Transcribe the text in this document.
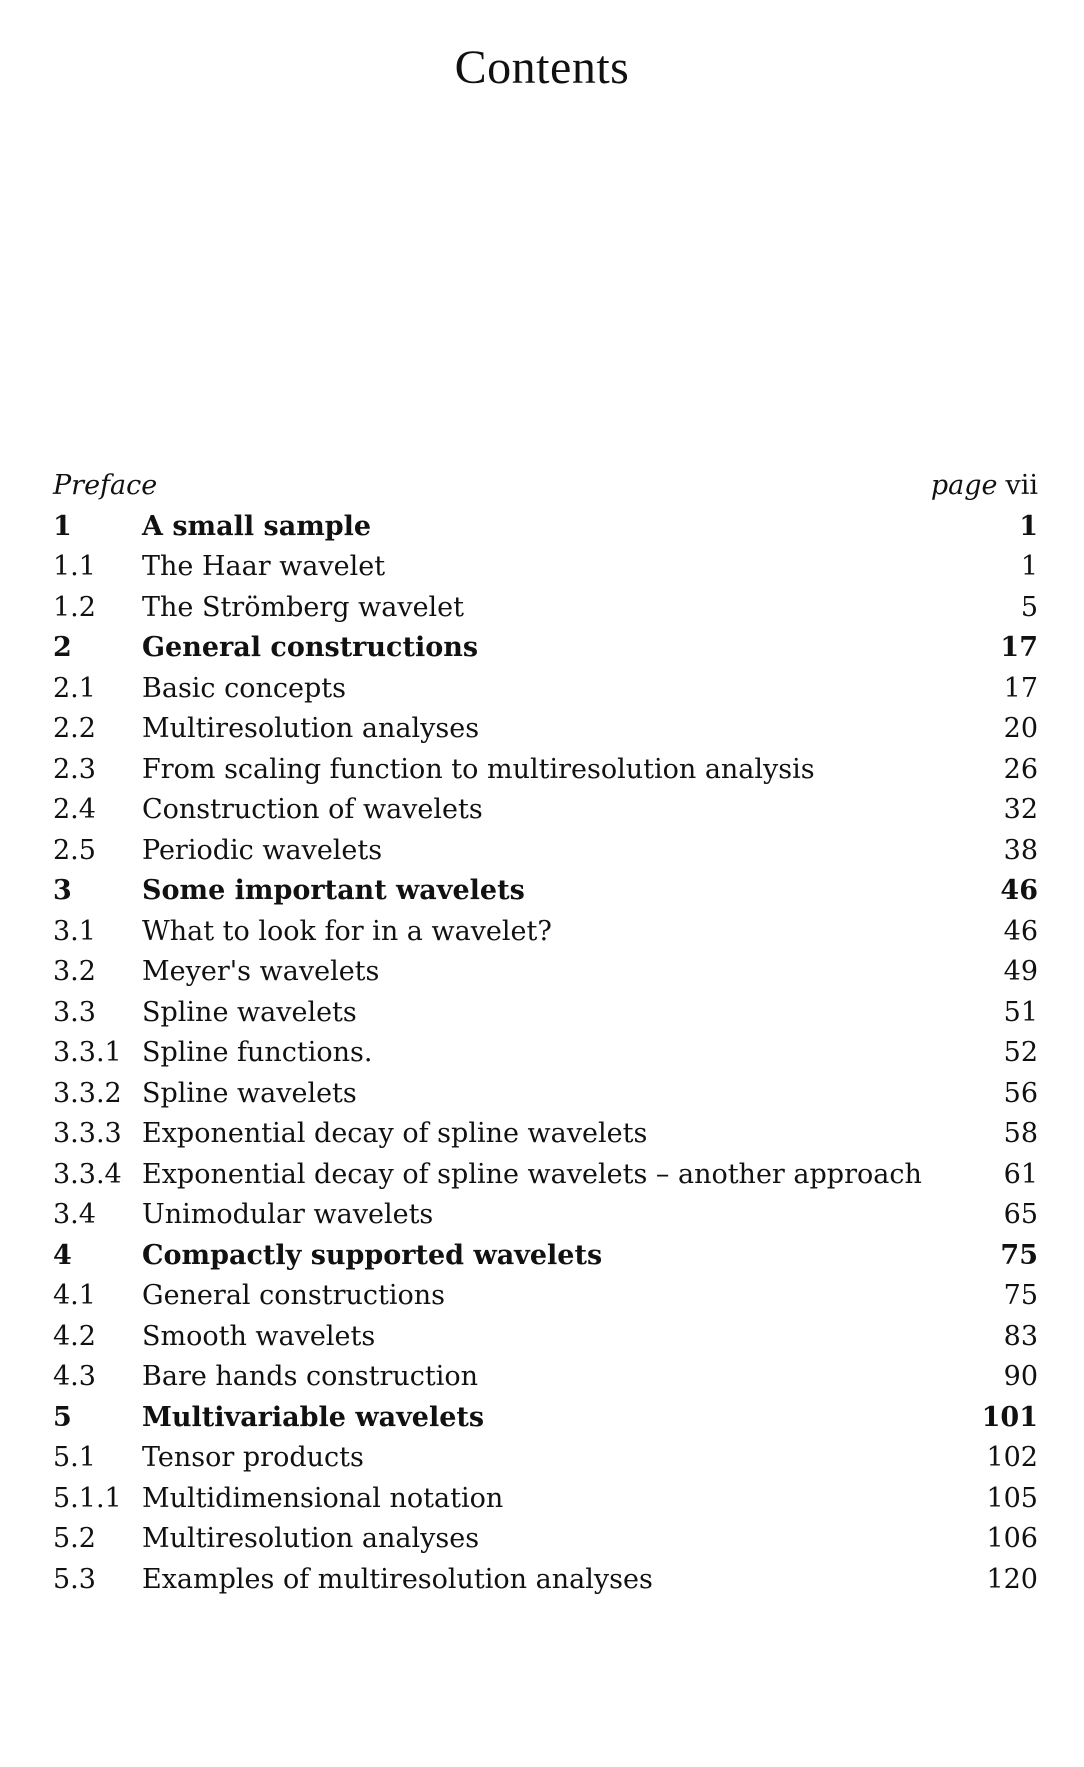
Contents
Preface	page vii
1	A small sample	1
1.1	The Haar wavelet	1
1.2	The Strömberg wavelet	5
2	General constructions	17
2.1	Basic concepts	17
2.2	Multiresolution analyses	20
2.3	From scaling function to multiresolution analysis	26
2.4	Construction of wavelets	32
2.5	Periodic wavelets	38
3	Some important wavelets	46
3.1	What to look for in a wavelet?	46
3.2	Meyer's wavelets	49
3.3	Spline wavelets	51
3.3.1 Spline functions.	52
3.3.2 Spline wavelets	56
3.3.3 Exponential decay of spline wavelets	58
3.3.4 Exponential decay of spline wavelets – another approach	61
3.4	Unimodular wavelets	65
4	Compactly supported wavelets	75
4.1	General constructions	75
4.2	Smooth wavelets	83
4.3	Bare hands construction	90
5	Multivariable wavelets	101
5.1	Tensor products	102
5.1.1 Multidimensional notation	105
5.2	Multiresolution analyses	106
5.3	Examples of multiresolution analyses	120
